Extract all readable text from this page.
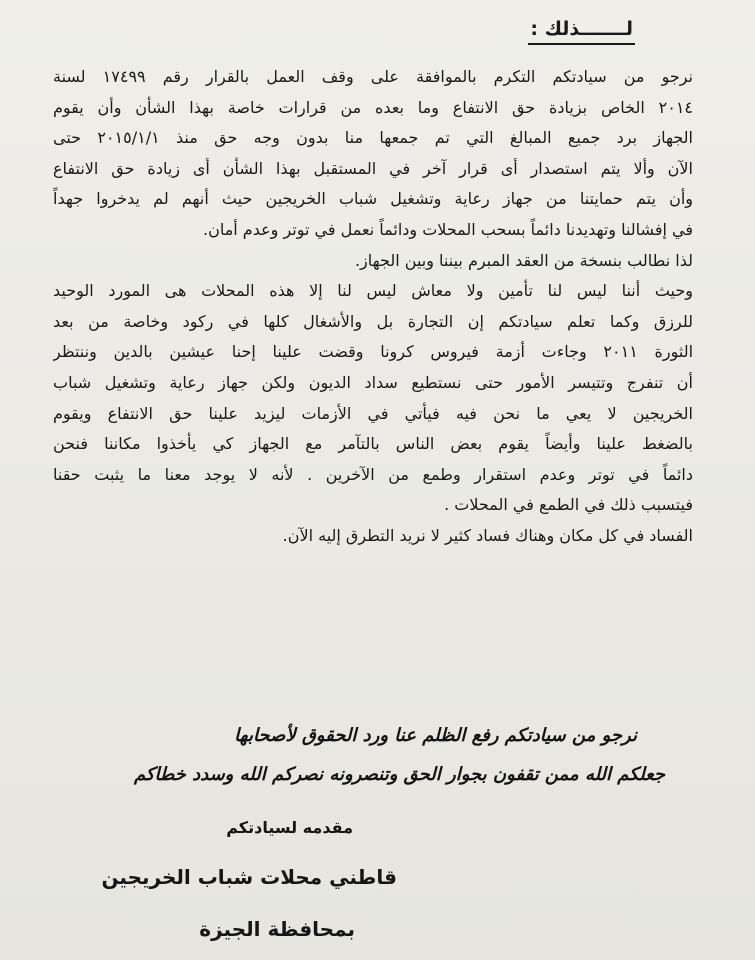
لـــــــذلك :
نرجو من سيادتكم التكرم بالموافقة على وقف العمل بالقرار رقم ١٧٤٩٩ لسنة
٢٠١٤ الخاص بزيادة حق الانتفاع وما بعده من قرارات خاصة بهذا الشأن وأن يقوم
الجهاز برد جميع المبالغ التي تم جمعها منا بدون وجه حق منذ ٢٠١٥/١/١ حتى
الآن وألا يتم استصدار أى قرار آخر في المستقبل بهذا الشأن أى زيادة حق الانتفاع
وأن يتم حمايتنا من جهاز رعاية وتشغيل شباب الخريجين حيث أنهم لم يدخروا جهداً
في إفشالنا وتهديدنا دائماً بسحب المحلات ودائماً نعمل في توتر وعدم أمان.
لذا نطالب بنسخة من العقد المبرم بيننا وبين الجهاز.
وحيث أننا ليس لنا تأمين ولا معاش ليس لنا إلا هذه المحلات هى المورد الوحيد
للرزق وكما تعلم سيادتكم إن التجارة بل والأشغال كلها في ركود وخاصة من بعد
الثورة ٢٠١١ وجاءت أزمة فيروس كرونا وقضت علينا إحنا عيشين بالدين وننتظر
أن تنفرج وتتيسر الأمور حتى نستطيع سداد الديون ولكن جهاز رعاية وتشغيل شباب
الخريجين لا يعي ما نحن فيه فيأتي في الأزمات ليزيد علينا حق الانتفاع ويقوم
بالضغط علينا وأيضاً يقوم بعض الناس بالتآمر مع الجهاز كي يأخذوا مكاننا فنحن
دائماً في توتر وعدم استقرار وطمع من الآخرين . لأنه لا يوجد معنا ما يثبت حقنا
فيتسبب ذلك في الطمع في المحلات .
الفساد في كل مكان وهناك فساد كثير لا نريد التطرق إليه الآن.
نرجو من سيادتكم رفع الظلم عنا ورد الحقوق لأصحابها
جعلكم الله ممن تقفون بجوار الحق وتنصرونه نصركم الله وسدد خطاكم
مقدمه لسيادتكم
قاطني محلات شباب الخريجين
بمحافظة الجيزة
